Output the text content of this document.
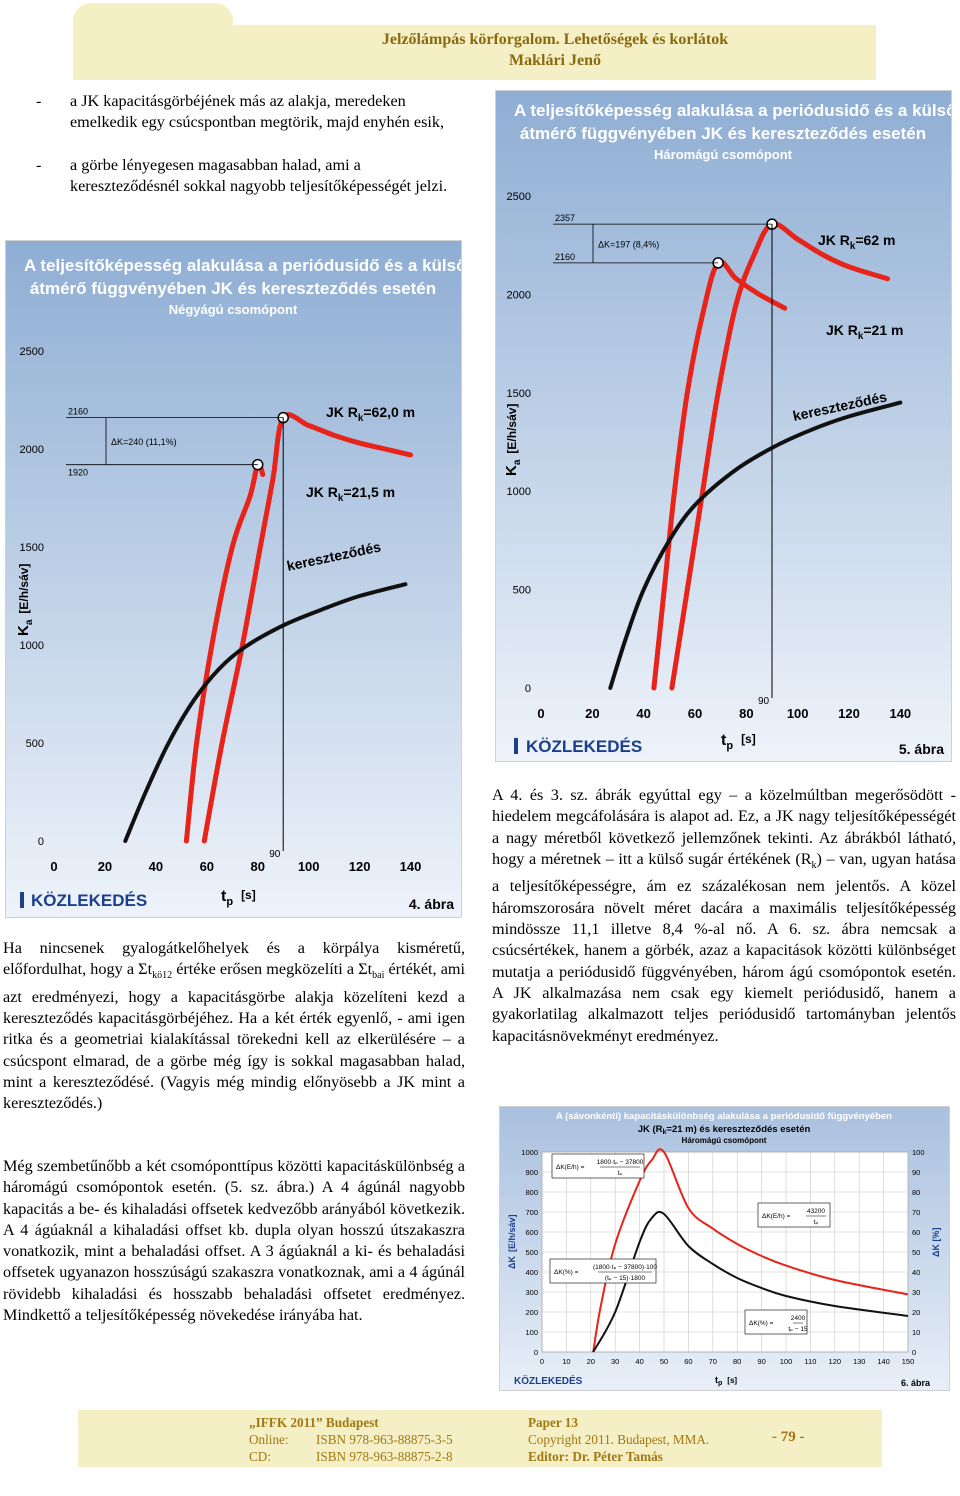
Jelzőlámpás körforgalom. Lehetőségek és korlátok
Maklári Jenő
- a JK kapacitásgörbéjének más az alakja, meredeken emelkedik egy csúcspontban megtörik, majd enyhén esik,
- a görbe lényegesen magasabban halad, ami a kereszteződésnél sokkal nagyobb teljesítőképességét jelzi.
A teljesítőképesség alakulása a periódusidő és a külső
átmérő függvényében JK és kereszteződés esetén
Négyágú csomópont
0
500
1000
1500
2000
2500
0	20	40	60	80	100 120 140
90
2160
1920
ΔK=240 (11,1%)
JK $R_k=62,0$ m
JK $R_k=21,5$ m
kereszteződés
$K_a[E/h/sáv]$
$t_p$ [s]
KÖZLEKEDÉS	4. ábra
A teljesítőképesség alakulása a periódusidő és a külső
átmérő függvényében JK és kereszteződés esetén
Háromágú csomópont
0
500
1000
1500
2000
2500
0	20	40	60	80	100 120 140
90
2357
2160
ΔK=197 (8,4%)	JK $R_k=62$ m
JK $R_k=21$ m
kereszteződés
$K_a[E/h/sáv]$
$t_p$ [s]
KÖZLEKEDÉS	5. ábra
Ha nincsenek gyalogátkelőhelyek és a körpálya kisméretű, előfordulhat, hogy a $\Sigma t_{kö12}$ értéke erősen megközelíti a $\Sigma t_{bai}$ értékét, ami azt eredményezi, hogy a kapacitásgörbe alakja közelíteni kezd a kereszteződés kapacitásgörbéjéhez. Ha a két érték egyenlő, - ami igen ritka és a geometriai kialakítással törekedni kell az elkerülésére – a csúcspont elmarad, de a görbe még így is sokkal magasabban halad, mint a kereszteződésé. (Vagyis még mindig előnyösebb a JK mint a kereszteződés.)
Még szembetűnőbb a két csomóponttípus közötti kapacitáskülönbség a háromágú csomópontok esetén. (5. sz. ábra.) A 4 ágúnál nagyobb kapacitás a be- és kihaladási offsetek kedvezőbb arányából következik. A 4 ágúaknál a kihaladási offset kb. dupla olyan hosszú útszakaszra vonatkozik, mint a behaladási offset. A 3 ágúaknál a ki- és behaladási offsetek ugyanazon hosszúságú szakaszra vonatkoznak, ami a 4 ágúnál rövidebb kihaladási és hosszabb behaladási offsetet eredményez. Mindkettő a teljesítőképesség növekedése irányába hat.
A 4. és 3. sz. ábrák egyúttal egy – a közelmúltban megerősödött - hiedelem megcáfolására is alapot ad. Ez, a JK nagy teljesítőképességét a nagy méretből következő jellemzőnek tekinti. Az ábrákból látható, hogy a méretnek – itt a külső sugár értékének $(R_k)$ – van, ugyan hatása a teljesítőképességre, ám ez százalékosan nem jelentős. A közel háromszorosára növelt méret dacára a maximális teljesítőképesség mindössze 11,1 illetve 8,4 %-al nő. A 6. sz. ábra nemcsak a csúcsértékek, hanem a görbék, azaz a kapacitások közötti különbséget mutatja a periódusidő függvényében, három ágú csomópontok esetén. A JK alkalmazása nem csak egy kiemelt periódusidő, hanem a gyakorlatilag alkalmazott teljes periódusidő tartományban jelentős kapacitásnövekményt eredményez.
A (sávonkénti) kapacitáskülönbség alakulása a periódusidő függvényében
JK ($R_k=21$ m) és kereszteződés esetén
Háromágú csomópont
0 10 20 30 40 50 60 70 80 90 100 110 120 130 140 150
0
100
200
300
400
500
600
700
800
900
1000
0
10
20
30
40
50
60
70
80
90
100
ΔK(E/h) =
1800·tₚ − 37800
tₚ
ΔK(E/h) =
43200
tₚ
ΔK(%) =
(1800·tₚ − 37800)·100
(tₚ − 15)·1800
ΔK(%) =
2400
tₚ − 15
ΔK[E/h/sáv]	ΔK [%]
$t_p$ [s]
KÖZLEKEDÉS	6. ábra
„IFFK 2011” Budapest
Online: ISBN 978-963-88875-3-5
CD:	ISBN 978-963-88875-2-8
Paper 13
Copyright 2011. Budapest, MMA.
Editor: Dr. Péter Tamás
- 79 -
